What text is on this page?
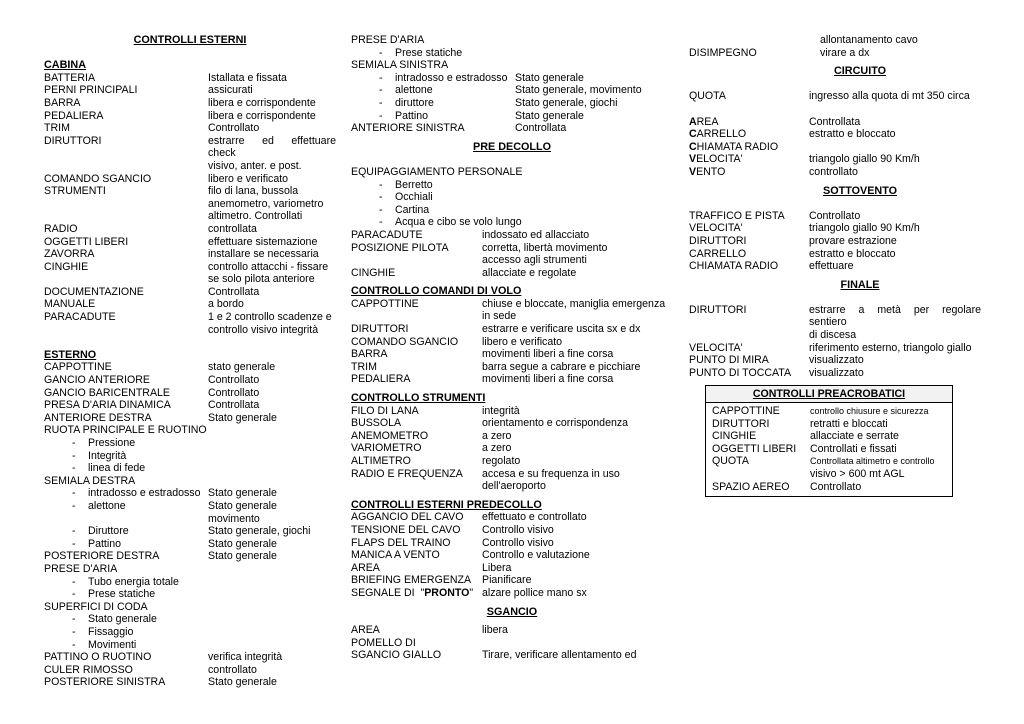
CONTROLLI ESTERNI
CABINA
BATTERIA	Istallata e fissata
PERNI PRINCIPALI	assicurati
BARRA	libera e corrispondente
PEDALIERA	libera e corrispondente
TRIM	Controllato
DIRUTTORI	estrarre ed effettuare check
visivo, anter. e post.
COMANDO SGANCIO	libero e verificato
STRUMENTI	filo di lana, bussola anemometro, variometro altimetro. Controllati
RADIO	controllata
OGGETTI LIBERI	effettuare sistemazione
ZAVORRA	installare se necessaria
CINGHIE	controllo attacchi - fissare se solo pilota anteriore
DOCUMENTAZIONE	Controllata
MANUALE	a bordo
PARACADUTE	1 e 2 controllo scadenze e controllo visivo integrità
ESTERNO
CAPPOTTINE	stato generale
GANCIO ANTERIORE	Controllato
GANCIO BARICENTRALE	Controllato
PRESA D'ARIA DINAMICA	Controllata
ANTERIORE DESTRA	Stato generale
RUOTA PRINCIPALE E RUOTINO
- Pressione
- Integrità
- linea di fede
SEMIALA DESTRA
- intradosso e estradosso Stato generale
- alettone	Stato generale movimento
- Diruttore	Stato generale, giochi
- Pattino	Stato generale
POSTERIORE DESTRA	Stato generale
PRESE D'ARIA
- Tubo energia totale
- Prese statiche
SUPERFICI DI CODA
- Stato generale
- Fissaggio
- Movimenti
PATTINO O RUOTINO	verifica integrità
CULER RIMOSSO	controllato
POSTERIORE SINISTRA	Stato generale
PRESE D'ARIA
- Prese statiche
SEMIALA SINISTRA
- intradosso e estradosso Stato generale
- alettone	Stato generale, movimento
- diruttore	Stato generale, giochi
- Pattino	Stato generale
ANTERIORE SINISTRA	Controllata
PRE DECOLLO
EQUIPAGGIAMENTO PERSONALE
- Berretto
- Occhiali
- Cartina
- Acqua e cibo se volo lungo
PARACADUTE	indossato ed allacciato
POSIZIONE PILOTA	corretta, libertà movimento accesso agli strumenti
CINGHIE	allacciate e regolate
CONTROLLO COMANDI DI VOLO
CAPPOTTINE	chiuse e bloccate, maniglia emergenza in sede
DIRUTTORI	estrarre e verificare uscita sx e dx
COMANDO SGANCIO	libero e verificato
BARRA	movimenti liberi a fine corsa
TRIM	barra segue a cabrare e picchiare
PEDALIERA	movimenti liberi a fine corsa
CONTROLLO STRUMENTI
FILO DI LANA	integrità
BUSSOLA	orientamento e corrispondenza
ANEMOMETRO	a zero
VARIOMETRO	a zero
ALTIMETRO	regolato
RADIO E FREQUENZA	accesa e su frequenza in uso dell'aeroporto
CONTROLLI ESTERNI PREDECOLLO
AGGANCIO DEL CAVO	effettuato e controllato
TENSIONE DEL CAVO	Controllo visivo
FLAPS DEL TRAINO	Controllo visivo
MANICA A VENTO	Controllo e valutazione
AREA	Libera
BRIEFING EMERGENZA	Pianificare
SEGNALE DI  "PRONTO" alzare pollice mano sx
SGANCIO
AREA	libera
POMELLO DI
SGANCIO GIALLO	Tirare, verificare allentamento ed
allontanamento cavo
DISIMPEGNO	virare a dx
CIRCUITO
QUOTA	ingresso alla quota di mt 350 circa
AREA	Controllata
CARRELLO	estratto e bloccato
CHIAMATA RADIO
VELOCITA'	triangolo giallo 90 Km/h
VENTO	controllato
SOTTOVENTO
TRAFFICO E PISTA	Controllato
VELOCITA'	triangolo giallo 90 Km/h
DIRUTTORI	provare estrazione
CARRELLO	estratto e bloccato
CHIAMATA RADIO	effettuare
FINALE
DIRUTTORI	estrarre a metà per regolare
sentiero
di discesa
VELOCITA'	riferimento esterno, triangolo giallo
PUNTO DI MIRA	visualizzato
PUNTO DI TOCCATA	visualizzato
CONTROLLI PREACROBATICI
CAPPOTTINE	controllo chiusure e sicurezza
DIRUTTORI	retratti e bloccati
CINGHIE	allacciate e serrate
OGGETTI LIBERI	Controllati e fissati
QUOTA	Controllata altimetro e controllo
visivo > 600 mt AGL
SPAZIO AEREO	Controllato
